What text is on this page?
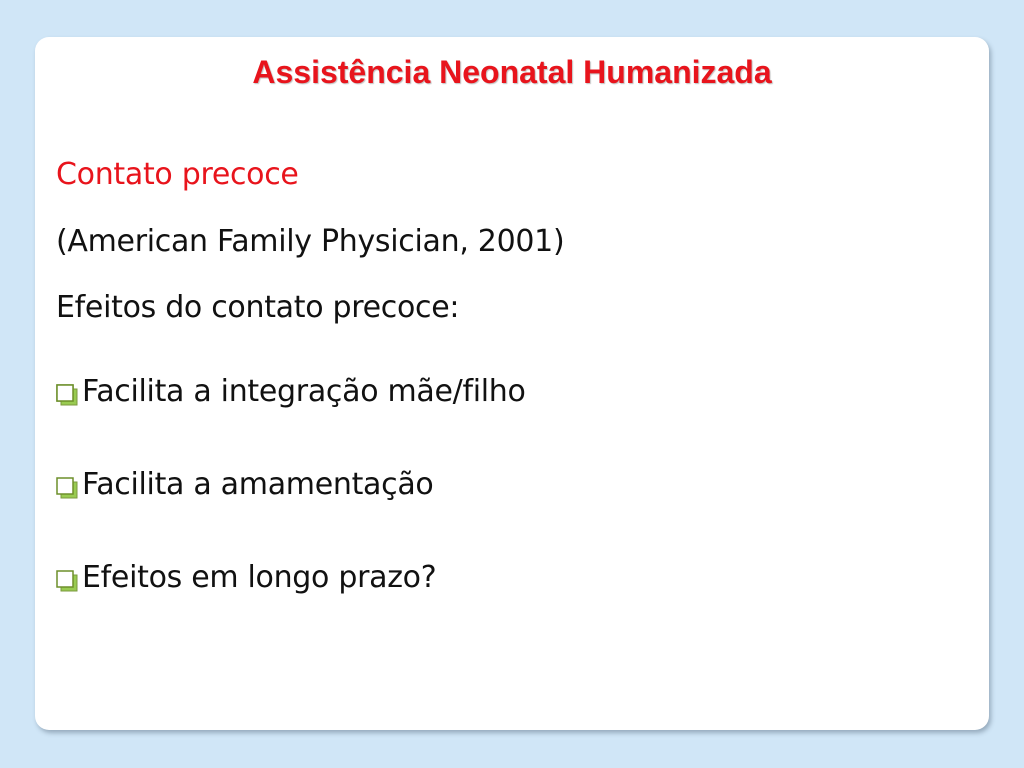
Assistência Neonatal Humanizada
Contato precoce
(American Family Physician, 2001)
Efeitos do contato precoce:
Facilita a integração mãe/filho
Facilita a amamentação
Efeitos em longo prazo?
